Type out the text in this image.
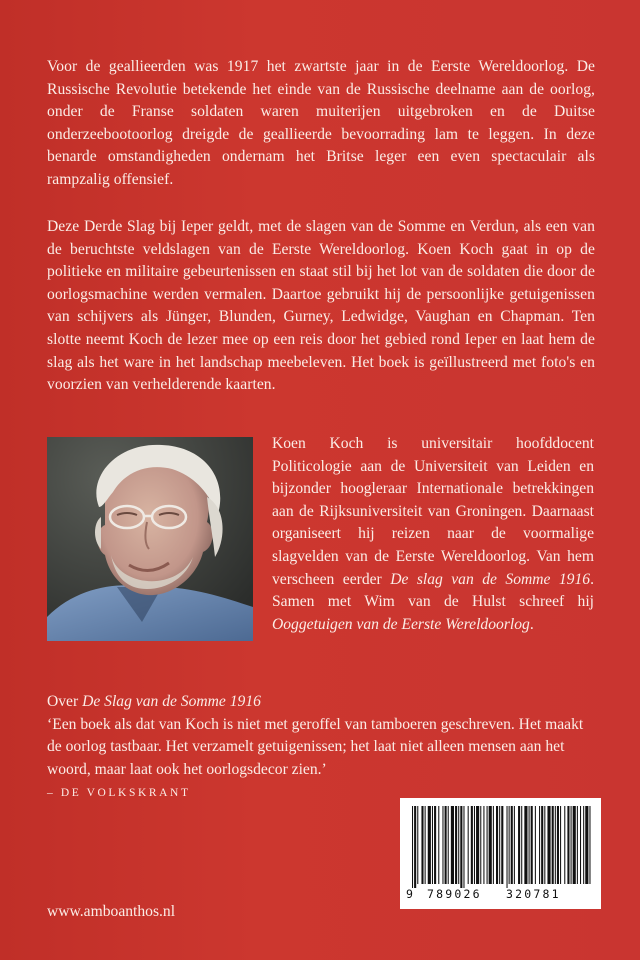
Voor de geallieerden was 1917 het zwartste jaar in de Eerste Wereldoorlog. De Russische Revolutie betekende het einde van de Russische deelname aan de oorlog, onder de Franse soldaten waren muiterijen uitgebroken en de Duitse onderzeebootoorlog dreigde de geallieerde bevoorrading lam te leggen. In deze benarde omstandigheden ondernam het Britse leger een even spectaculair als rampzalig offensief.

Deze Derde Slag bij Ieper geldt, met de slagen van de Somme en Verdun, als een van de beruchtste veldslagen van de Eerste Wereldoorlog. Koen Koch gaat in op de politieke en militaire gebeurtenissen en staat stil bij het lot van de soldaten die door de oorlogsmachine werden vermalen. Daartoe gebruikt hij de persoonlijke getuigenissen van schijvers als Jünger, Blunden, Gurney, Ledwidge, Vaughan en Chapman. Ten slotte neemt Koch de lezer mee op een reis door het gebied rond Ieper en laat hem de slag als het ware in het landschap meebeleven. Het boek is geïllustreerd met foto's en voorzien van verhelderende kaarten.

Koen Koch is universitair hoofddocent Politicologie aan de Universiteit van Leiden en bijzonder hoogleraar Internationale betrekkingen aan de Rijksuniversiteit van Groningen. Daarnaast organiseert hij reizen naar de voormalige slagvelden van de Eerste Wereldoorlog. Van hem verscheen eerder De slag van de Somme 1916. Samen met Wim van de Hulst schreef hij Ooggetuigen van de Eerste Wereldoorlog.

Over De Slag van de Somme 1916
‘Een boek als dat van Koch is niet met geroffel van tamboeren geschreven. Het maakt de oorlog tastbaar. Het verzamelt getuigenissen; het laat niet alleen mensen aan het woord, maar laat ook het oorlogsdecor zien.’

– DE VOLKSKRANT

www.amboanthos.nl

9 789026 320781
